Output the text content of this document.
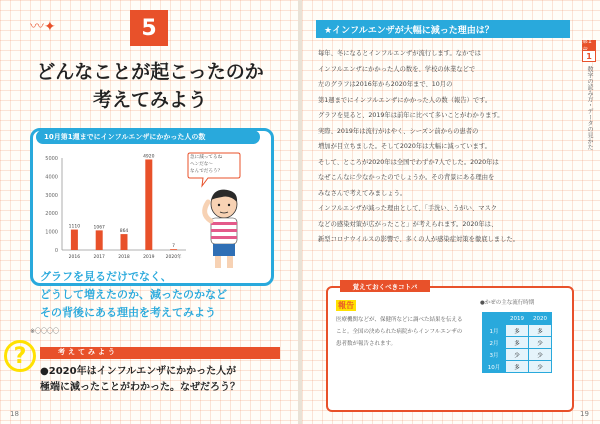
〰✦	5
どんなことが起こったのか
考えてみよう
10月第1週までにインフルエンザにかかった人の数
0
1000
2000
3000
4000
5000
1110
2016
1067
2017
864
2018
4920
2019
7
2020年
急に減ってるね
ヘンだな～
なんでだろう？
グラフを見るだけでなく、
どうして増えたのか、減ったのかなど
その背後にある理由を考えてみよう
※〇〇〇〇
?	考えてみよう
●2020年はインフルエンザにかかった人が
極端に減ったことがわかった。なぜだろう？
18
★インフルエンザが大幅に減った理由は？
毎年、冬になるとインフルエンザが流行します。なかでは
インフルエンザにかかった人の数を、学校の休業などで
左のグラフは2016年から2020年まで、10月の
第1週までにインフルエンザにかかった人の数（報告）です。
グラフを見ると、2019年は前年に比べて多いことがわかります。
実際、2019年は流行がはやく、シーズン前からの患者の
増加が目立ちました。そして2020年は大幅に減っています。
そして、ところが2020年は全国でわずか7人でした。2020年は
なぜこんなに少なかったのでしょうか。その背景にある理由を
みなさんで考えてみましょう。
インフルエンザが減った理由として、「手洗い、うがい、マスク
などの感染対策が広がったこと」が考えられます。2020年は、
新型コロナウイルスの影響で、多くの人が感染症対策を徹底しました。
第1
1
数字の読み方・データの見かた
覚えておくべきコトバ
報告
医療機関などが、保健所などに調べた結果を伝えること。全国の決められた病院からインフルエンザの患者数が報告されます。
●かぜの主な流行時期
	2019	2020
1月	多	多
2月	多	少
3月	少	少
10月	多	少
19
